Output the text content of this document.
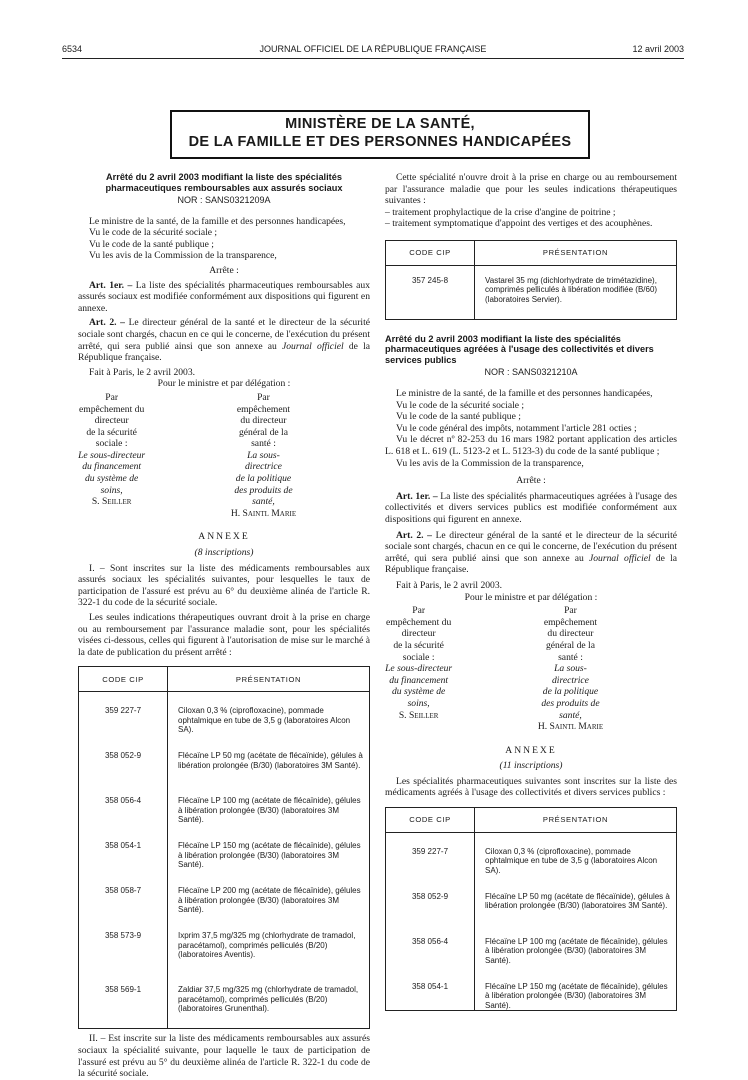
JOURNAL OFFICIEL DE LA RÉPUBLIQUE FRANÇAISE
6534	12 avril 2003
MINISTÈRE DE LA SANTÉ,
DE LA FAMILLE ET DES PERSONNES HANDICAPÉES
Arrêté du 2 avril 2003 modifiant la liste des spécialités pharmaceutiques remboursables aux assurés sociaux
NOR : SANS0321209A

Le ministre de la santé, de la famille et des personnes handicapées,

Vu le code de la sécurité sociale ;

Vu le code de la santé publique ;

Vu les avis de la Commission de la transparence,

Arrête :

Art. 1er. – La liste des spécialités pharmaceutiques remboursables aux assurés sociaux est modifiée conformément aux dispositions qui figurent en annexe.

Art. 2. – Le directeur général de la santé et le directeur de la sécurité sociale sont chargés, chacun en ce qui le concerne, de l'exécution du présent arrêté, qui sera publié ainsi que son annexe au Journal officiel de la République française.

Fait à Paris, le 2 avril 2003.

Pour le ministre et par délégation :

Par empêchement du directeur
de la sécurité sociale :
Le sous-directeur
du financement
du système de soins,
S. Seiller
Par empêchement
du directeur général de la santé :
La sous-directrice
de la politique
des produits de santé,
H. Saintl Marie

ANNEXE

(8 inscriptions)

I. – Sont inscrites sur la liste des médicaments remboursables aux assurés sociaux les spécialités suivantes, pour lesquelles le taux de participation de l'assuré est prévu au 6° du deuxième alinéa de l'article R. 322-1 du code de la sécurité sociale.

Les seules indications thérapeutiques ouvrant droit à la prise en charge ou au remboursement par l'assurance maladie sont, pour les spécialités visées ci-dessous, celles qui figurent à l'autorisation de mise sur le marché à la date de publication du présent arrêté :

CODE CIP	PRÉSENTATION
359 227-7	Ciloxan 0,3 % (ciprofloxacine), pommade ophtalmique en tube de 3,5 g (laboratoires Alcon SA).
358 052-9	Flécaïne LP 50 mg (acétate de flécaïnide), gélules à libération prolongée (B/30) (laboratoires 3M Santé).
358 056-4	Flécaïne LP 100 mg (acétate de flécaïnide), gélules à libération prolongée (B/30) (laboratoires 3M Santé).
358 054-1	Flécaïne LP 150 mg (acétate de flécaïnide), gélules à libération prolongée (B/30) (laboratoires 3M Santé).
358 058-7	Flécaïne LP 200 mg (acétate de flécaïnide), gélules à libération prolongée (B/30) (laboratoires 3M Santé).
358 573-9	Ixprim 37,5 mg/325 mg (chlorhydrate de tramadol, paracétamol), comprimés pelliculés (B/20) (laboratoires Aventis).
358 569-1	Zaldiar 37,5 mg/325 mg (chlorhydrate de tramadol, paracétamol), comprimés pelliculés (B/20) (laboratoires Grunenthal).

II. – Est inscrite sur la liste des médicaments remboursables aux assurés sociaux la spécialité suivante, pour laquelle le taux de participation de l'assuré est prévu au 5° du deuxième alinéa de l'article R. 322-1 du code de la sécurité sociale.

Cette spécialité n'ouvre droit à la prise en charge ou au remboursement par l'assurance maladie que pour les seules indications thérapeutiques suivantes :

– traitement prophylactique de la crise d'angine de poitrine ;

– traitement symptomatique d'appoint des vertiges et des acouphènes.

CODE CIP	PRÉSENTATION
357 245-8	Vastarel 35 mg (dichlorhydrate de trimétazidine), comprimés pelliculés à libération modifiée (B/60) (laboratoires Servier).
Arrêté du 2 avril 2003 modifiant la liste des spécialités pharmaceutiques agréées à l'usage des collectivités et divers services publics
NOR : SANS0321210A

Le ministre de la santé, de la famille et des personnes handicapées,

Vu le code de la sécurité sociale ;

Vu le code de la santé publique ;

Vu le code général des impôts, notamment l'article 281 octies ;

Vu le décret nº 82-253 du 16 mars 1982 portant application des articles L. 618 et L. 619 (L. 5123-2 et L. 5123-3) du code de la santé publique ;

Vu les avis de la Commission de la transparence,

Arrête :

Art. 1er. – La liste des spécialités pharmaceutiques agréées à l'usage des collectivités et divers services publics est modifiée conformément aux dispositions qui figurent en annexe.

Art. 2. – Le directeur général de la santé et le directeur de la sécurité sociale sont chargés, chacun en ce qui le concerne, de l'exécution du présent arrêté, qui sera publié ainsi que son annexe au Journal officiel de la République française.

Fait à Paris, le 2 avril 2003.

Pour le ministre et par délégation :

Par empêchement du directeur
de la sécurité sociale :
Le sous-directeur
du financement
du système de soins,
S. Seiller
Par empêchement
du directeur général de la santé :
La sous-directrice
de la politique
des produits de santé,
H. Saintl Marie

ANNEXE

(11 inscriptions)

Les spécialités pharmaceutiques suivantes sont inscrites sur la liste des médicaments agréés à l'usage des collectivités et divers services publics :

CODE CIP	PRÉSENTATION
359 227-7	Ciloxan 0,3 % (ciprofloxacine), pommade ophtalmique en tube de 3,5 g (laboratoires Alcon SA).
358 052-9	Flécaïne LP 50 mg (acétate de flécaïnide), gélules à libération prolongée (B/30) (laboratoires 3M Santé).
358 056-4	Flécaïne LP 100 mg (acétate de flécaïnide), gélules à libération prolongée (B/30) (laboratoires 3M Santé).
358 054-1	Flécaïne LP 150 mg (acétate de flécaïnide), gélules à libération prolongée (B/30) (laboratoires 3M Santé).
